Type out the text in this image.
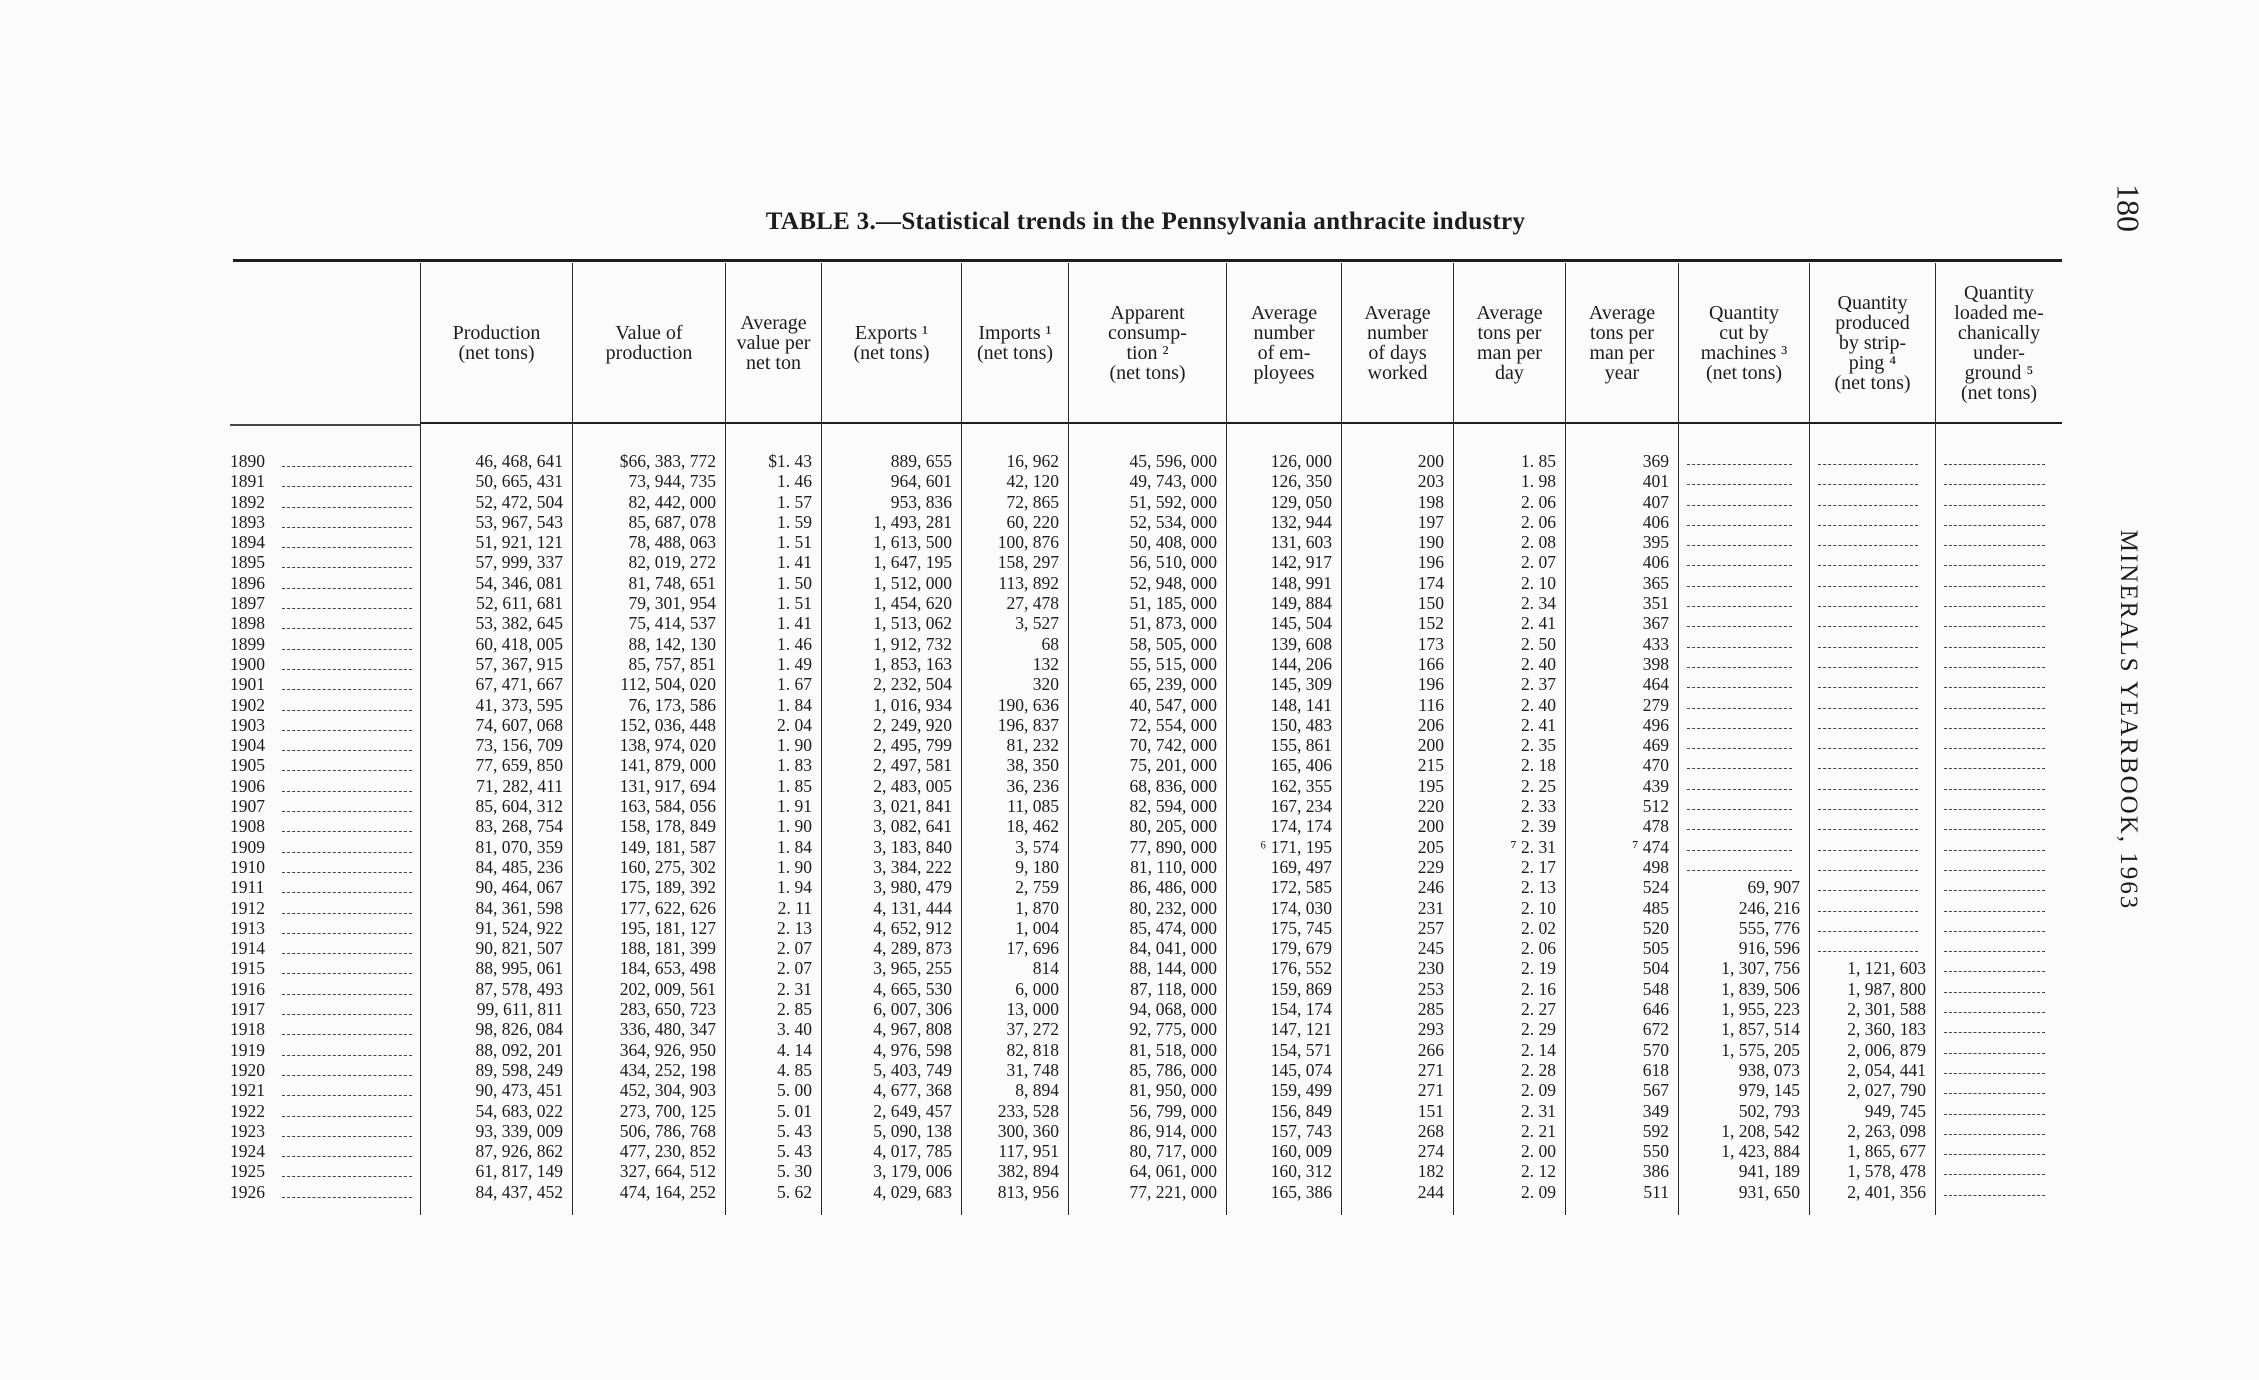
TABLE 3.—Statistical trends in the Pennsylvania anthracite industry	180
MINERALS YEARBOOK, 1963
1890
1891
1892
1893
1894
1895
1896
1897
1898
1899
1900
1901
1902
1903
1904
1905
1906
1907
1908
1909
1910
1911
1912
1913
1914
1915
1916
1917
1918
1919
1920
1921
1922
1923
1924
1925
1926
Production
(net tons)
46, 468, 641
50, 665, 431
52, 472, 504
53, 967, 543
51, 921, 121
57, 999, 337
54, 346, 081
52, 611, 681
53, 382, 645
60, 418, 005
57, 367, 915
67, 471, 667
41, 373, 595
74, 607, 068
73, 156, 709
77, 659, 850
71, 282, 411
85, 604, 312
83, 268, 754
81, 070, 359
84, 485, 236
90, 464, 067
84, 361, 598
91, 524, 922
90, 821, 507
88, 995, 061
87, 578, 493
99, 611, 811
98, 826, 084
88, 092, 201
89, 598, 249
90, 473, 451
54, 683, 022
93, 339, 009
87, 926, 862
61, 817, 149
84, 437, 452
Value of
production
$66, 383, 772
73, 944, 735
82, 442, 000
85, 687, 078
78, 488, 063
82, 019, 272
81, 748, 651
79, 301, 954
75, 414, 537
88, 142, 130
85, 757, 851
112, 504, 020
76, 173, 586
152, 036, 448
138, 974, 020
141, 879, 000
131, 917, 694
163, 584, 056
158, 178, 849
149, 181, 587
160, 275, 302
175, 189, 392
177, 622, 626
195, 181, 127
188, 181, 399
184, 653, 498
202, 009, 561
283, 650, 723
336, 480, 347
364, 926, 950
434, 252, 198
452, 304, 903
273, 700, 125
506, 786, 768
477, 230, 852
327, 664, 512
474, 164, 252
Average
value per
net ton
$1. 43
1. 46
1. 57
1. 59
1. 51
1. 41
1. 50
1. 51
1. 41
1. 46
1. 49
1. 67
1. 84
2. 04
1. 90
1. 83
1. 85
1. 91
1. 90
1. 84
1. 90
1. 94
2. 11
2. 13
2. 07
2. 07
2. 31
2. 85
3. 40
4. 14
4. 85
5. 00
5. 01
5. 43
5. 43
5. 30
5. 62
Exports ¹
(net tons)
889, 655
964, 601
953, 836
1, 493, 281
1, 613, 500
1, 647, 195
1, 512, 000
1, 454, 620
1, 513, 062
1, 912, 732
1, 853, 163
2, 232, 504
1, 016, 934
2, 249, 920
2, 495, 799
2, 497, 581
2, 483, 005
3, 021, 841
3, 082, 641
3, 183, 840
3, 384, 222
3, 980, 479
4, 131, 444
4, 652, 912
4, 289, 873
3, 965, 255
4, 665, 530
6, 007, 306
4, 967, 808
4, 976, 598
5, 403, 749
4, 677, 368
2, 649, 457
5, 090, 138
4, 017, 785
3, 179, 006
4, 029, 683
Imports ¹
(net tons)
16, 962
42, 120
72, 865
60, 220
100, 876
158, 297
113, 892
27, 478
3, 527
68
132
320
190, 636
196, 837
81, 232
38, 350
36, 236
11, 085
18, 462
3, 574
9, 180
2, 759
1, 870
1, 004
17, 696
814
6, 000
13, 000
37, 272
82, 818
31, 748
8, 894
233, 528
300, 360
117, 951
382, 894
813, 956
Apparent
consump-
tion ²
(net tons)
45, 596, 000
49, 743, 000
51, 592, 000
52, 534, 000
50, 408, 000
56, 510, 000
52, 948, 000
51, 185, 000
51, 873, 000
58, 505, 000
55, 515, 000
65, 239, 000
40, 547, 000
72, 554, 000
70, 742, 000
75, 201, 000
68, 836, 000
82, 594, 000
80, 205, 000
77, 890, 000
81, 110, 000
86, 486, 000
80, 232, 000
85, 474, 000
84, 041, 000
88, 144, 000
87, 118, 000
94, 068, 000
92, 775, 000
81, 518, 000
85, 786, 000
81, 950, 000
56, 799, 000
86, 914, 000
80, 717, 000
64, 061, 000
77, 221, 000
Average
number
of em-
ployees
126, 000
126, 350
129, 050
132, 944
131, 603
142, 917
148, 991
149, 884
145, 504
139, 608
144, 206
145, 309
148, 141
150, 483
155, 861
165, 406
162, 355
167, 234
174, 174
⁶ 171, 195
169, 497
172, 585
174, 030
175, 745
179, 679
176, 552
159, 869
154, 174
147, 121
154, 571
145, 074
159, 499
156, 849
157, 743
160, 009
160, 312
165, 386
Average
number
of days
worked
200
203
198
197
190
196
174
150
152
173
166
196
116
206
200
215
195
220
200
205
229
246
231
257
245
230
253
285
293
266
271
271
151
268
274
182
244
Average
tons per
man per
day
1. 85
1. 98
2. 06
2. 06
2. 08
2. 07
2. 10
2. 34
2. 41
2. 50
2. 40
2. 37
2. 40
2. 41
2. 35
2. 18
2. 25
2. 33
2. 39
⁷ 2. 31
2. 17
2. 13
2. 10
2. 02
2. 06
2. 19
2. 16
2. 27
2. 29
2. 14
2. 28
2. 09
2. 31
2. 21
2. 00
2. 12
2. 09
Average
tons per
man per
year
369
401
407
406
395
406
365
351
367
433
398
464
279
496
469
470
439
512
478
⁷ 474
498
524
485
520
505
504
548
646
672
570
618
567
349
592
550
386
511
Quantity
cut by
machines ³
(net tons)
69, 907
246, 216
555, 776
916, 596
1, 307, 756
1, 839, 506
1, 955, 223
1, 857, 514
1, 575, 205
938, 073
979, 145
502, 793
1, 208, 542
1, 423, 884
941, 189
931, 650
Quantity
produced
by strip-
ping ⁴
(net tons)
1, 121, 603
1, 987, 800
2, 301, 588
2, 360, 183
2, 006, 879
2, 054, 441
2, 027, 790
949, 745
2, 263, 098
1, 865, 677
1, 578, 478
2, 401, 356
Quantity
loaded me-
chanically
under-
ground ⁵
(net tons)
